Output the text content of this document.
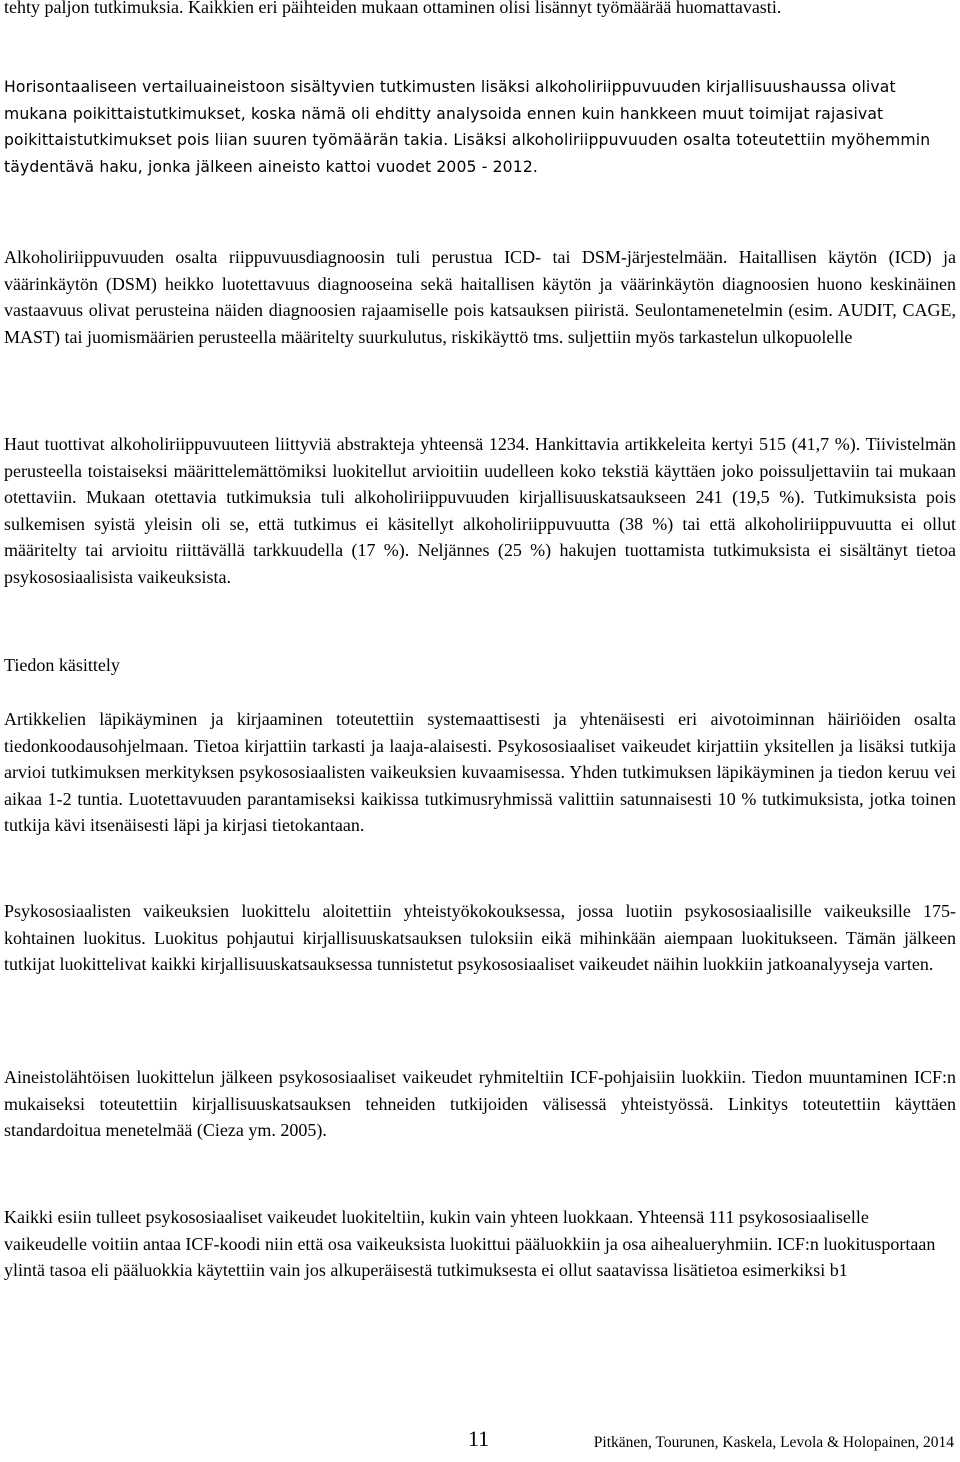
tehty paljon tutkimuksia. Kaikkien eri päihteiden mukaan ottaminen olisi lisännyt työmäärää huomattavasti.

Horisontaaliseen vertailuaineistoon sisältyvien tutkimusten lisäksi alkoholiriippuvuuden kirjallisuushaussa olivat mukana poikittaistutkimukset, koska nämä oli ehditty analysoida ennen kuin hankkeen muut toimijat rajasivat poikittaistutkimukset pois liian suuren työmäärän takia. Lisäksi alkoholiriippuvuuden osalta toteutettiin myöhemmin täydentävä haku, jonka jälkeen aineisto kattoi vuodet 2005 - 2012.

Alkoholiriippuvuuden osalta riippuvuusdiagnoosin tuli perustua ICD- tai DSM-järjestelmään. Haitallisen käytön (ICD) ja väärinkäytön (DSM) heikko luotettavuus diagnooseina sekä haitallisen käytön ja väärinkäytön diagnoosien huono keskinäinen vastaavuus olivat perusteina näiden diagnoosien rajaamiselle pois katsauksen piiristä. Seulontamenetelmin (esim. AUDIT, CAGE, MAST) tai juomismäärien perusteella määritelty suurkulutus, riskikäyttö tms. suljettiin myös tarkastelun ulkopuolelle

Haut tuottivat alkoholiriippuvuuteen liittyviä abstrakteja yhteensä 1234. Hankittavia artikkeleita kertyi 515 (41,7 %). Tiivistelmän perusteella toistaiseksi määrittelemättömiksi luokitellut arvioitiin uudelleen koko tekstiä käyttäen joko poissuljettaviin tai mukaan otettaviin. Mukaan otettavia tutkimuksia tuli alkoholiriippuvuuden kirjallisuuskatsaukseen 241 (19,5 %). Tutkimuksista pois sulkemisen syistä yleisin oli se, että tutkimus ei käsitellyt alkoholiriippuvuutta (38 %) tai että alkoholiriippuvuutta ei ollut määritelty tai arvioitu riittävällä tarkkuudella (17 %). Neljännes (25 %) hakujen tuottamista tutkimuksista ei sisältänyt tietoa psykososiaalisista vaikeuksista.

Tiedon käsittely

Artikkelien läpikäyminen ja kirjaaminen toteutettiin systemaattisesti ja yhtenäisesti eri aivotoiminnan häiriöiden osalta tiedonkoodausohjelmaan. Tietoa kirjattiin tarkasti ja laaja-alaisesti. Psykososiaaliset vaikeudet kirjattiin yksitellen ja lisäksi tutkija arvioi tutkimuksen merkityksen psykososiaalisten vaikeuksien kuvaamisessa. Yhden tutkimuksen läpikäyminen ja tiedon keruu vei aikaa 1-2 tuntia. Luotettavuuden parantamiseksi kaikissa tutkimusryhmissä valittiin satunnaisesti 10 % tutkimuksista, jotka toinen tutkija kävi itsenäisesti läpi ja kirjasi tietokantaan.

Psykososiaalisten vaikeuksien luokittelu aloitettiin yhteistyökokouksessa, jossa luotiin psykososiaalisille vaikeuksille 175-kohtainen luokitus. Luokitus pohjautui kirjallisuuskatsauksen tuloksiin eikä mihinkään aiempaan luokitukseen. Tämän jälkeen tutkijat luokittelivat kaikki kirjallisuuskatsauksessa tunnistetut psykososiaaliset vaikeudet näihin luokkiin jatkoanalyyseja varten.

Aineistolähtöisen luokittelun jälkeen psykososiaaliset vaikeudet ryhmiteltiin ICF-pohjaisiin luokkiin. Tiedon muuntaminen ICF:n mukaiseksi toteutettiin kirjallisuuskatsauksen tehneiden tutkijoiden välisessä yhteistyössä. Linkitys toteutettiin käyttäen standardoitua menetelmää (Cieza ym. 2005).

Kaikki esiin tulleet psykososiaaliset vaikeudet luokiteltiin, kukin vain yhteen luokkaan. Yhteensä 111 psykososiaaliselle vaikeudelle voitiin antaa ICF-koodi niin että osa vaikeuksista luokittui pääluokkiin ja osa aihealueryhmiin. ICF:n luokitusportaan ylintä tasoa eli pääluokkia käytettiin vain jos alkuperäisestä tutkimuksesta ei ollut saatavissa lisätietoa esimerkiksi b1

11	Pitkänen, Tourunen, Kaskela, Levola & Holopainen, 2014
